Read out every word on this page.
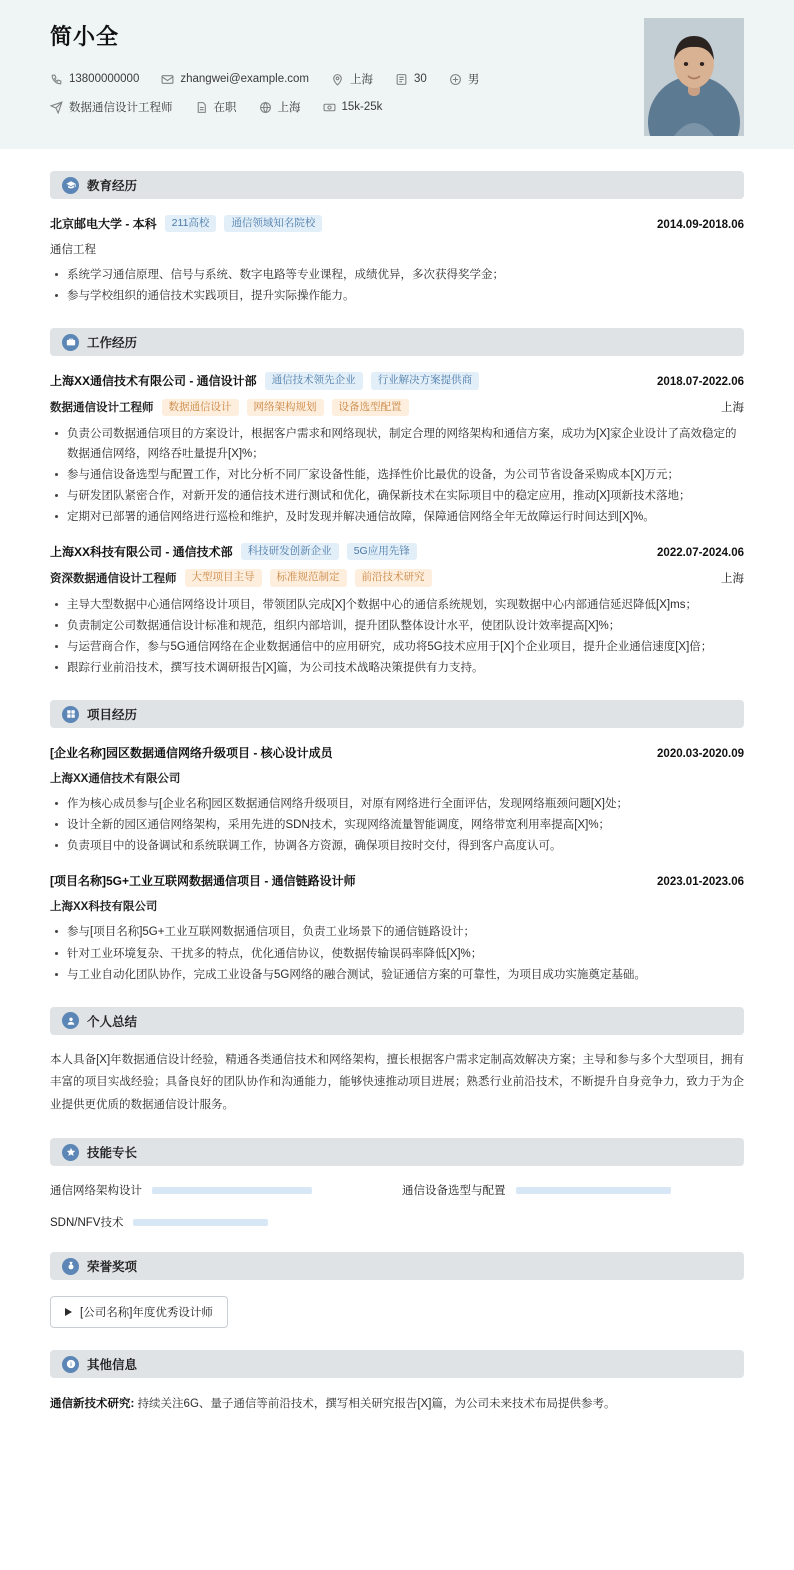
简小全
13800000000	zhangwei@example.com	上海	30	男
数据通信设计工程师	在职	上海	15k-25k
教育经历
北京邮电大学 - 本科	211高校	通信领域知名院校	2014.09-2018.06
通信工程
系统学习通信原理、信号与系统、数字电路等专业课程，成绩优异，多次获得奖学金；
参与学校组织的通信技术实践项目，提升实际操作能力。
工作经历
上海XX通信技术有限公司 - 通信设计部	通信技术领先企业	行业解决方案提供商	2018.07-2022.06
数据通信设计工程师	数据通信设计	网络架构规划	设备选型配置	上海
负责公司数据通信项目的方案设计，根据客户需求和网络现状，制定合理的网络架构和通信方案，成功为[X]家企业设计了高效稳定的数据通信网络，网络吞吐量提升[X]%；
参与通信设备选型与配置工作，对比分析不同厂家设备性能，选择性价比最优的设备，为公司节省设备采购成本[X]万元；
与研发团队紧密合作，对新开发的通信技术进行测试和优化，确保新技术在实际项目中的稳定应用，推动[X]项新技术落地；
定期对已部署的通信网络进行巡检和维护，及时发现并解决通信故障，保障通信网络全年无故障运行时间达到[X]%。
上海XX科技有限公司 - 通信技术部	科技研发创新企业	5G应用先锋	2022.07-2024.06
资深数据通信设计工程师	大型项目主导	标准规范制定	前沿技术研究	上海
主导大型数据中心通信网络设计项目，带领团队完成[X]个数据中心的通信系统规划，实现数据中心内部通信延迟降低[X]ms；
负责制定公司数据通信设计标准和规范，组织内部培训，提升团队整体设计水平，使团队设计效率提高[X]%；
与运营商合作，参与5G通信网络在企业数据通信中的应用研究，成功将5G技术应用于[X]个企业项目，提升企业通信速度[X]倍；
跟踪行业前沿技术，撰写技术调研报告[X]篇，为公司技术战略决策提供有力支持。
项目经历
[企业名称]园区数据通信网络升级项目 - 核心设计成员	2020.03-2020.09
上海XX通信技术有限公司
作为核心成员参与[企业名称]园区数据通信网络升级项目，对原有网络进行全面评估，发现网络瓶颈问题[X]处；
设计全新的园区通信网络架构，采用先进的SDN技术，实现网络流量智能调度，网络带宽利用率提高[X]%；
负责项目中的设备调试和系统联调工作，协调各方资源，确保项目按时交付，得到客户高度认可。
[项目名称]5G+工业互联网数据通信项目 - 通信链路设计师	2023.01-2023.06
上海XX科技有限公司
参与[项目名称]5G+工业互联网数据通信项目，负责工业场景下的通信链路设计；
针对工业环境复杂、干扰多的特点，优化通信协议，使数据传输误码率降低[X]%；
与工业自动化团队协作，完成工业设备与5G网络的融合测试，验证通信方案的可靠性，为项目成功实施奠定基础。
个人总结
本人具备[X]年数据通信设计经验，精通各类通信技术和网络架构，擅长根据客户需求定制高效解决方案；主导和参与多个大型项目，拥有丰富的项目实战经验；具备良好的团队协作和沟通能力，能够快速推动项目进展；熟悉行业前沿技术，不断提升自身竞争力，致力于为企业提供更优质的数据通信设计服务。
技能专长
通信网络架构设计	通信设备选型与配置
SDN/NFV技术
荣誉奖项
[公司名称]年度优秀设计师
其他信息
通信新技术研究: 持续关注6G、量子通信等前沿技术，撰写相关研究报告[X]篇，为公司未来技术布局提供参考。
